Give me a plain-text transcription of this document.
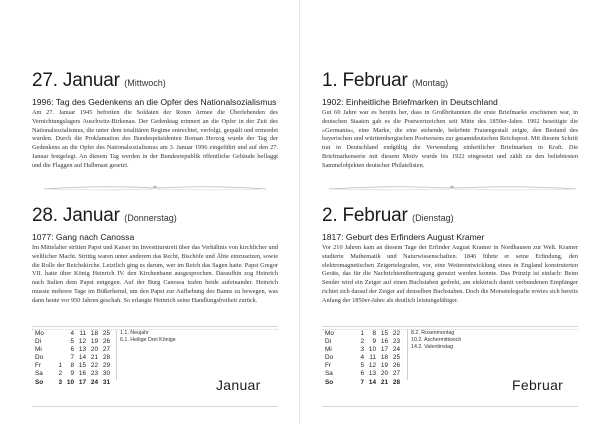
27. Januar (Mittwoch)
1996: Tag des Gedenkens an die Opfer des Nationalsozialismus

Am 27. Januar 1945 befreiten die Soldaten der Roten Armee die Überlebenden des Vernichtungslagers Auschwitz-Birkenau. Der Gedenktag erinnert an die Opfer in der Zeit des Nationalsozialismus, die unter dem totalitären Regime entrechtet, verfolgt, gequält und ermordet wurden. Durch die Proklamation des Bundespräsidenten Roman Herzog wurde der Tag der Gedenkens an die Opfer des Nationalsozialismus am 3. Januar 1996 eingeführt und auf den 27. Januar festgelegt. An diesem Tag werden in der Bundesrepublik öffentliche Gebäude beflaggt und die Flaggen auf Halbmast gesetzt.

28. Januar (Donnerstag)
1077: Gang nach Canossa

Im Mittelalter stritten Papst und Kaiser im Investiturstreit über das Verhältnis von kirchlicher und weltlicher Macht. Strittig waren unter anderem das Recht, Bischöfe und Äbte einzusetzen, sowie die Rolle der Reichskirche. Letztlich ging es darum, wer im Reich das Sagen hatte. Papst Gregor VII. hatte über König Heinrich IV. den Kirchenbann ausgesprochen. Daraufhin zog Heinrich nach Italien dem Papst entgegen. Auf der Burg Canossa trafen beide aufeinander. Heinrich musste mehrere Tage im Büßerhemd, um den Papst zur Aufhebung des Banns zu bewegen, was dann heute vor 950 Jahren geschah. So erlangte Heinrich seine Handlungsfreiheit zurück.

Mo		4	11	18	25
Di		5	12	19	26
Mi		6	13	20	27
Do		7	14	21	28
Fr	1	8	15	22	29
Sa	2	9	16	23	30
So	3	10	17	24	31
1.1. Neujahr
6.1. Heilige Drei Könige
Januar
1. Februar (Montag)
1902: Einheitliche Briefmarken in Deutschland

Gut 60 Jahre war es bereits her, dass in Großbritannien die erste Briefmarke erschienen war, in deutschen Staaten gab es die Postwertzeichen seit Mitte des 1850er-Jahre. 1902 beseitigte die »Germania«, eine Marke, die eine stehende, bekrönte Frauengestalt zeigte, den Bestand des bayerischen und württembergischen Postwesens zur gesamtdeutschen Reichspost. Mit diesem Schritt trat in Deutschland endgültig die Verwendung einheitlicher Briefmarken in Kraft. Die Briefmarkenserie mit diesem Motiv wurde bis 1922 eingesetzt und zählt zu den beliebtesten Sammelobjekten deutscher Philatelisten.

2. Februar (Dienstag)
1817: Geburt des Erfinders August Kramer

Vor 210 Jahren kam an diesem Tage der Erfinder August Kramer in Nordhausen zur Welt. Kramer studierte Mathematik und Naturwissenschaften. 1846 führte er seine Erfindung, den elektromagnetischen Zeigertelegrafen, vor, eine Weiterentwicklung eines in England konstruierten Geräts, das für die Nachrichtenübertragung genutzt werden konnte. Das Prinzip ist einfach: Beim Sender wird ein Zeiger auf einen Buchstaben gedreht, am elektrisch damit verbundenen Empfänger richtet sich darauf der Zeiger auf denselben Buchstaben. Doch die Morsetelegrafie erwies sich bereits Anfang der 1850er-Jahre als deutlich leistungsfähiger.

Mo		1	8	15	22
Di		2	9	16	23
Mi		3	10	17	24
Do		4	11	18	25
Fr		5	12	19	26
Sa		6	13	20	27
So		7	14	21	28
8.2. Rosenmontag
10.2. Aschermittwoch
14.2. Valentinstag
Februar
